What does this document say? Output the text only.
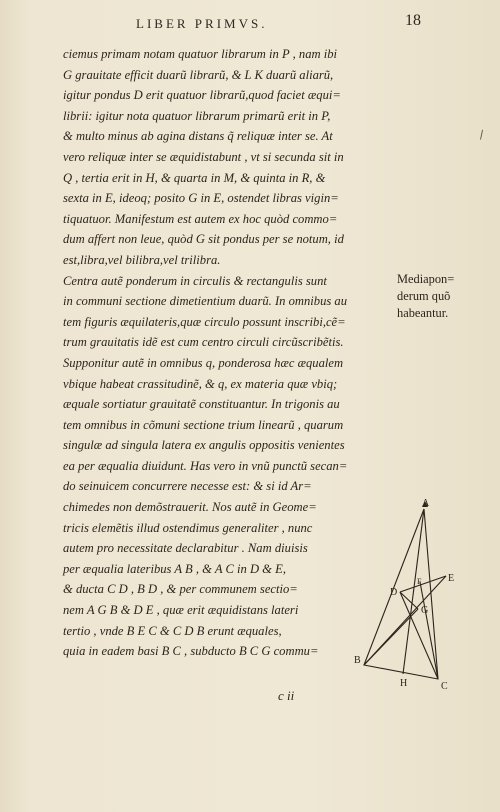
LIBER PRIMVS.	18
ciemus primam notam quatuor librarum in P , nam ibi
G grauitate efficit duarũ librarũ, & L K duarũ aliarũ,
igitur pondus D erit quatuor librarũ,quod faciet æqui=
librii: igitur nota quatuor librarum primarũ erit in P,
& multo minus ab agina distans q̃ reliquæ inter se. At
vero reliquæ inter se æquidistabunt , vt si secunda sit in
Q , tertia erit in H, & quarta in M, & quinta in R, &
sexta in E, ideoq; posito G in E, ostendet libras vigin=
tiquatuor. Manifestum est autem ex hoc quòd commo=
dum affert non leue, quòd G sit pondus per se notum, id
est,libra,vel bilibra,vel trilibra.
Centra autẽ ponderum in circulis & rectangulis sunt
in communi sectione dimetientium duarũ. In omnibus au
tem figuris æquilateris,quæ circulo possunt inscribi,cẽ=
trum grauitatis idẽ est cum centro circuli circũscribẽtis.
Supponitur autẽ in omnibus q, ponderosa hæc æqualem
vbique habeat crassitudinẽ, & q, ex materia quæ vbiq;
æquale sortiatur grauitatẽ constituantur. In trigonis au
tem omnibus in cõmuni sectione trium linearũ , quarum
singulæ ad singula latera ex angulis oppositis venientes
ea per æqualia diuidunt. Has vero in vnũ punctũ secan=
do seinuicem concurrere necesse est: & si id Ar=
chimedes non demõstrauerit. Nos autẽ in Geome=
tricis elemẽtis illud ostendimus generaliter , nunc
autem pro necessitate declarabitur . Nam diuisis
per æqualia lateribus A B , & A C in D & E,
& ducta C D , B D , & per communem sectio=
nem A G B & D E , quæ erit æquidistans lateri
tertio , vnde B E C & C D B erunt æquales,
quia in eadem basi B C , subducto B C G commu=
Mediapon=
derum quõ
habeantur.
A
B
C
D
E
F
G
H
c ii
